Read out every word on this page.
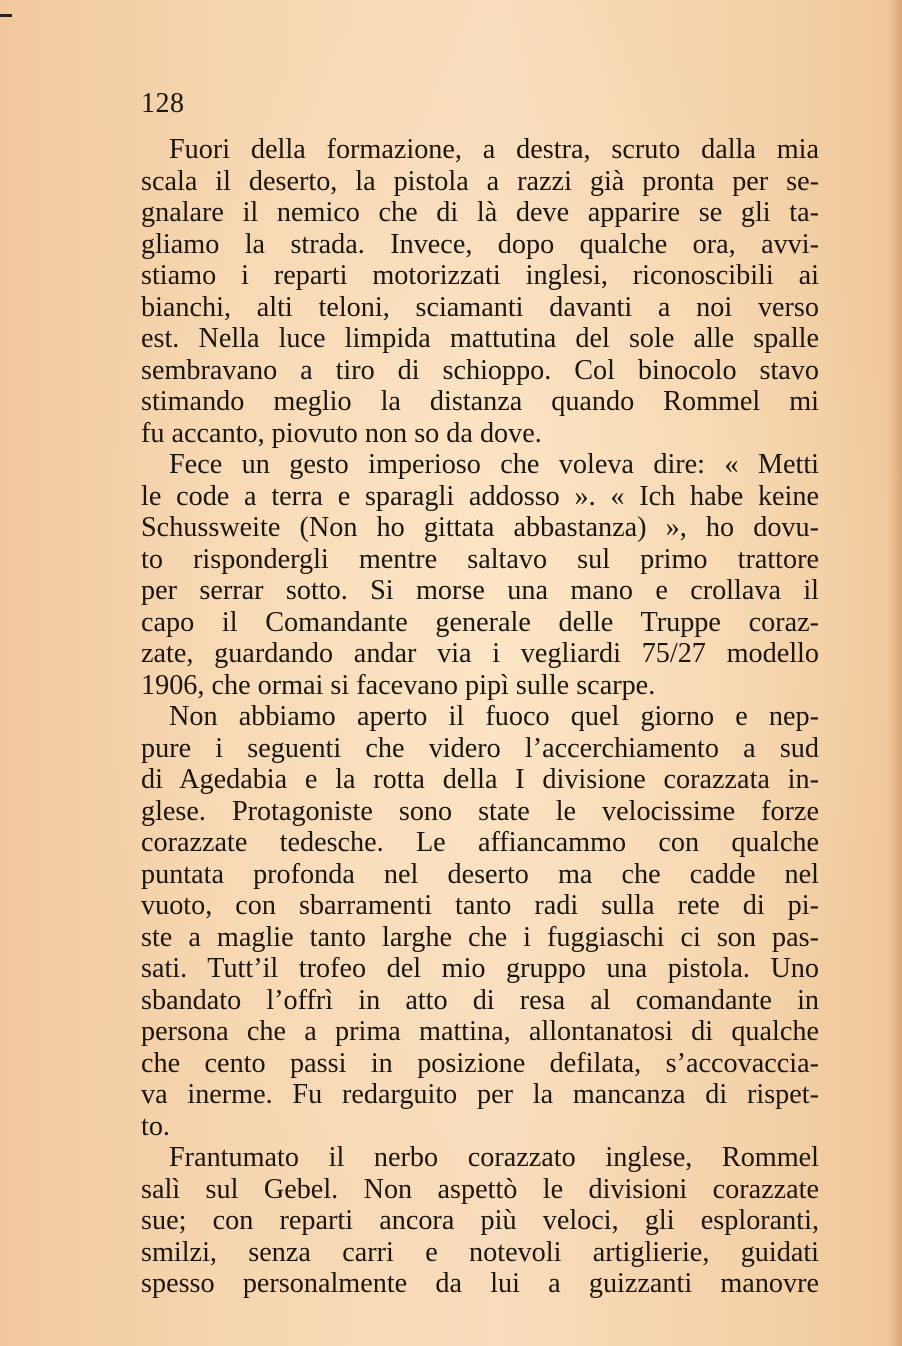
128
Fuori della formazione, a destra, scruto dalla mia
scala il deserto, la pistola a razzi già pronta per se-
gnalare il nemico che di là deve apparire se gli ta-
gliamo la strada. Invece, dopo qualche ora, avvi-
stiamo i reparti motorizzati inglesi, riconoscibili ai
bianchi, alti teloni, sciamanti davanti a noi verso
est. Nella luce limpida mattutina del sole alle spalle
sembravano a tiro di schioppo. Col binocolo stavo
stimando meglio la distanza quando Rommel mi
fu accanto, piovuto non so da dove.
Fece un gesto imperioso che voleva dire: « Metti
le code a terra e sparagli addosso ». « Ich habe keine
Schussweite (Non ho gittata abbastanza) », ho dovu-
to rispondergli mentre saltavo sul primo trattore
per serrar sotto. Si morse una mano e crollava il
capo il Comandante generale delle Truppe coraz-
zate, guardando andar via i vegliardi 75/27 modello
1906, che ormai si facevano pipì sulle scarpe.
Non abbiamo aperto il fuoco quel giorno e nep-
pure i seguenti che videro l’accerchiamento a sud
di Agedabia e la rotta della I divisione corazzata in-
glese. Protagoniste sono state le velocissime forze
corazzate tedesche. Le affiancammo con qualche
puntata profonda nel deserto ma che cadde nel
vuoto, con sbarramenti tanto radi sulla rete di pi-
ste a maglie tanto larghe che i fuggiaschi ci son pas-
sati. Tutt’il trofeo del mio gruppo una pistola. Uno
sbandato l’offrì in atto di resa al comandante in
persona che a prima mattina, allontanatosi di qualche
che cento passi in posizione defilata, s’accovaccia-
va inerme. Fu redarguito per la mancanza di rispet-
to.
Frantumato il nerbo corazzato inglese, Rommel
salì sul Gebel. Non aspettò le divisioni corazzate
sue; con reparti ancora più veloci, gli esploranti,
smilzi, senza carri e notevoli artiglierie, guidati
spesso personalmente da lui a guizzanti manovre
